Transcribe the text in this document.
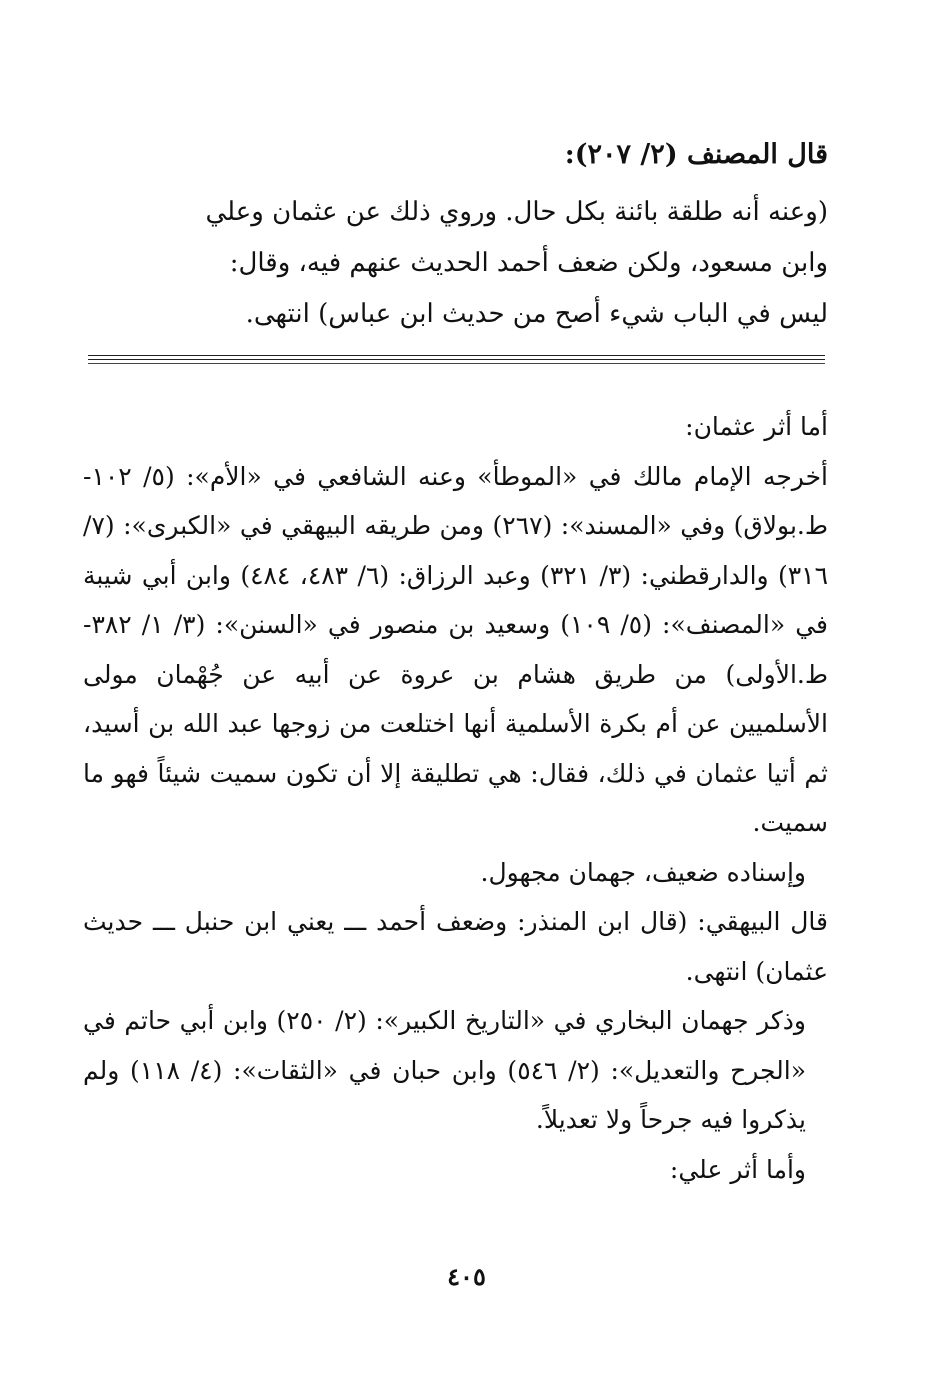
قال المصنف (٢/ ٢٠٧):

(وعنه أنه طلقة بائنة بكل حال. وروي ذلك عن عثمان وعلي

وابن مسعود، ولكن ضعف أحمد الحديث عنهم فيه، وقال:

ليس في الباب شيء أصح من حديث ابن عباس) انتهى.

أما أثر عثمان:

أخرجه الإمام مالك في «الموطأ» وعنه الشافعي في «الأم»: (٥/ ١٠٢-ط.بولاق) وفي «المسند»: (٢٦٧) ومن طريقه البيهقي في «الكبرى»: (٧/ ٣١٦) والدارقطني: (٣/ ٣٢١) وعبد الرزاق: (٦/ ٤٨٣، ٤٨٤) وابن أبي شيبة في «المصنف»: (٥/ ١٠٩) وسعيد بن منصور في «السنن»: (٣/ ١/ ٣٨٢-ط.الأولى) من طريق هشام بن عروة عن أبيه عن جُهْمان مولى الأسلميين عن أم بكرة الأسلمية أنها اختلعت من زوجها عبد الله بن أسيد، ثم أتيا عثمان في ذلك، فقال: هي تطليقة إلا أن تكون سميت شيئاً فهو ما سميت.

وإسناده ضعيف، جهمان مجهول.

قال البيهقي: (قال ابن المنذر: وضعف أحمد ـــ يعني ابن حنبل ـــ حديث عثمان) انتهى.

وذكر جهمان البخاري في «التاريخ الكبير»: (٢/ ٢٥٠) وابن أبي حاتم في «الجرح والتعديل»: (٢/ ٥٤٦) وابن حبان في «الثقات»: (٤/ ١١٨) ولم يذكروا فيه جرحاً ولا تعديلاً.

وأما أثر علي:

٤٠٥
